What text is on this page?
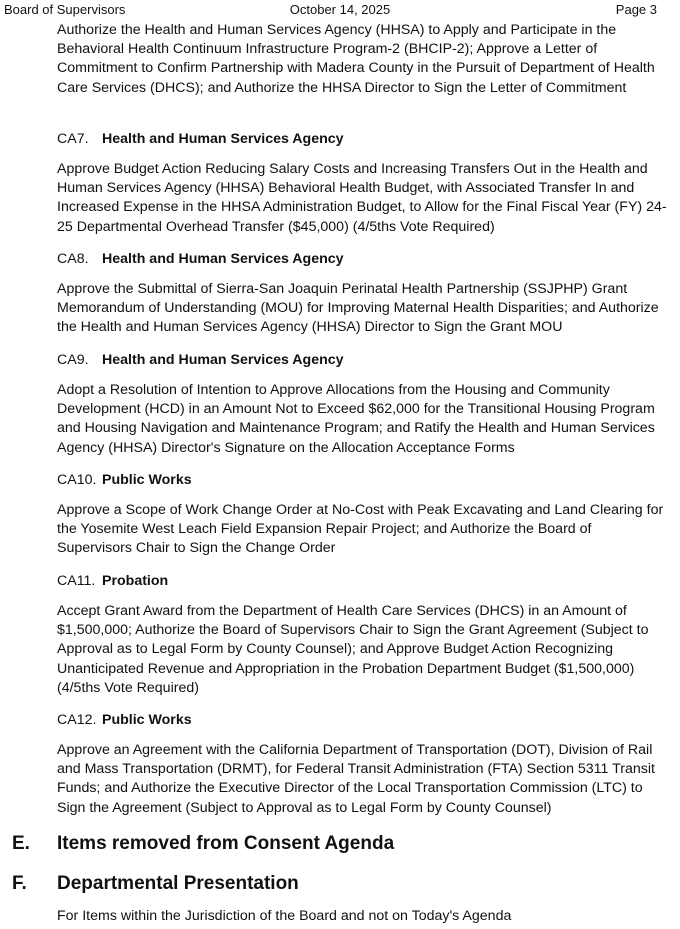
Board of Supervisors	October 14, 2025	Page 3

Authorize the Health and Human Services Agency (HHSA) to Apply and Participate in the Behavioral Health Continuum Infrastructure Program-2 (BHCIP-2); Approve a Letter of Commitment to Confirm Partnership with Madera County in the Pursuit of Department of Health Care Services (DHCS); and Authorize the HHSA Director to Sign the Letter of Commitment

CA7. Health and Human Services Agency

Approve Budget Action Reducing Salary Costs and Increasing Transfers Out in the Health and Human Services Agency (HHSA) Behavioral Health Budget, with Associated Transfer In and Increased Expense in the HHSA Administration Budget, to Allow for the Final Fiscal Year (FY) 24-25 Departmental Overhead Transfer ($45,000) (4/5ths Vote Required)

CA8. Health and Human Services Agency

Approve the Submittal of Sierra-San Joaquin Perinatal Health Partnership (SSJPHP) Grant Memorandum of Understanding (MOU) for Improving Maternal Health Disparities; and Authorize the Health and Human Services Agency (HHSA) Director to Sign the Grant MOU

CA9. Health and Human Services Agency

Adopt a Resolution of Intention to Approve Allocations from the Housing and Community Development (HCD) in an Amount Not to Exceed $62,000 for the Transitional Housing Program and Housing Navigation and Maintenance Program; and Ratify the Health and Human Services Agency (HHSA) Director's Signature on the Allocation Acceptance Forms

CA10. Public Works

Approve a Scope of Work Change Order at No-Cost with Peak Excavating and Land Clearing for the Yosemite West Leach Field Expansion Repair Project; and Authorize the Board of Supervisors Chair to Sign the Change Order

CA11. Probation

Accept Grant Award from the Department of Health Care Services (DHCS) in an Amount of $1,500,000; Authorize the Board of Supervisors Chair to Sign the Grant Agreement (Subject to Approval as to Legal Form by County Counsel); and Approve Budget Action Recognizing Unanticipated Revenue and Appropriation in the Probation Department Budget ($1,500,000) (4/5ths Vote Required)

CA12. Public Works

Approve an Agreement with the California Department of Transportation (DOT), Division of Rail and Mass Transportation (DRMT), for Federal Transit Administration (FTA) Section 5311 Transit Funds; and Authorize the Executive Director of the Local Transportation Commission (LTC) to Sign the Agreement (Subject to Approval as to Legal Form by County Counsel)

E. Items removed from Consent Agenda

F. Departmental Presentation

For Items within the Jurisdiction of the Board and not on Today's Agenda
